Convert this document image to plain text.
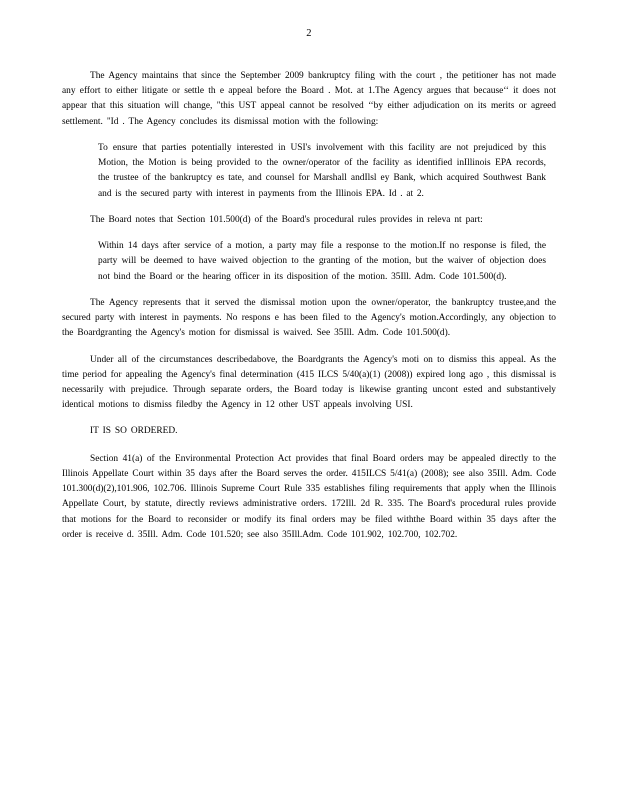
2

The Agency maintains that since the September 2009 bankruptcy filing with the court , the petitioner has not made any effort to either litigate or settle th e appeal before the Board . Mot. at 1.The Agency argues that because‘‘ it does not appear that this situation will change, "this UST appeal cannot be resolved ‘‘by either adjudication on its merits or agreed settlement. "Id . The Agency concludes its dismissal motion with the following:

To ensure that parties potentially interested in USI's involvement with this facility are not prejudiced by this Motion, the Motion is being provided to the owner/operator of the facility as identified inIllinois EPA records, the trustee of the bankruptcy es tate, and counsel for Marshall andIlsl ey Bank, which acquired Southwest Bank and is the secured party with interest in payments from the Illinois EPA. Id . at 2.

The Board notes that Section 101.500(d) of the Board's procedural rules provides in releva nt part:

Within 14 days after service of a motion, a party may file a response to the motion.If no response is filed, the party will be deemed to have waived objection to the granting of the motion, but the waiver of objection does not bind the Board or the hearing officer in its disposition of the motion. 35Ill. Adm. Code 101.500(d).

The Agency represents that it served the dismissal motion upon the owner/operator, the bankruptcy trustee,and the secured party with interest in payments. No respons e has been filed to the Agency's motion.Accordingly, any objection to the Boardgranting the Agency's motion for dismissal is waived. See 35Ill. Adm. Code 101.500(d).

Under all of the circumstances describedabove, the Boardgrants the Agency's moti on to dismiss this appeal. As the time period for appealing the Agency's final determination (415 ILCS 5/40(a)(1) (2008)) expired long ago , this dismissal is necessarily with prejudice. Through separate orders, the Board today is likewise granting uncont ested and substantively identical motions to dismiss filedby the Agency in 12 other UST appeals involving USI.

IT IS SO ORDERED.

Section 41(a) of the Environmental Protection Act provides that final Board orders may be appealed directly to the Illinois Appellate Court within 35 days after the Board serves the order. 415ILCS 5/41(a) (2008); see also 35Ill. Adm. Code 101.300(d)(2),101.906, 102.706. Illinois Supreme Court Rule 335 establishes filing requirements that apply when the Illinois Appellate Court, by statute, directly reviews administrative orders. 172Ill. 2d R. 335. The Board's procedural rules provide that motions for the Board to reconsider or modify its final orders may be filed withthe Board within 35 days after the order is receive d. 35Ill. Adm. Code 101.520; see also 35Ill.Adm. Code 101.902, 102.700, 102.702.
